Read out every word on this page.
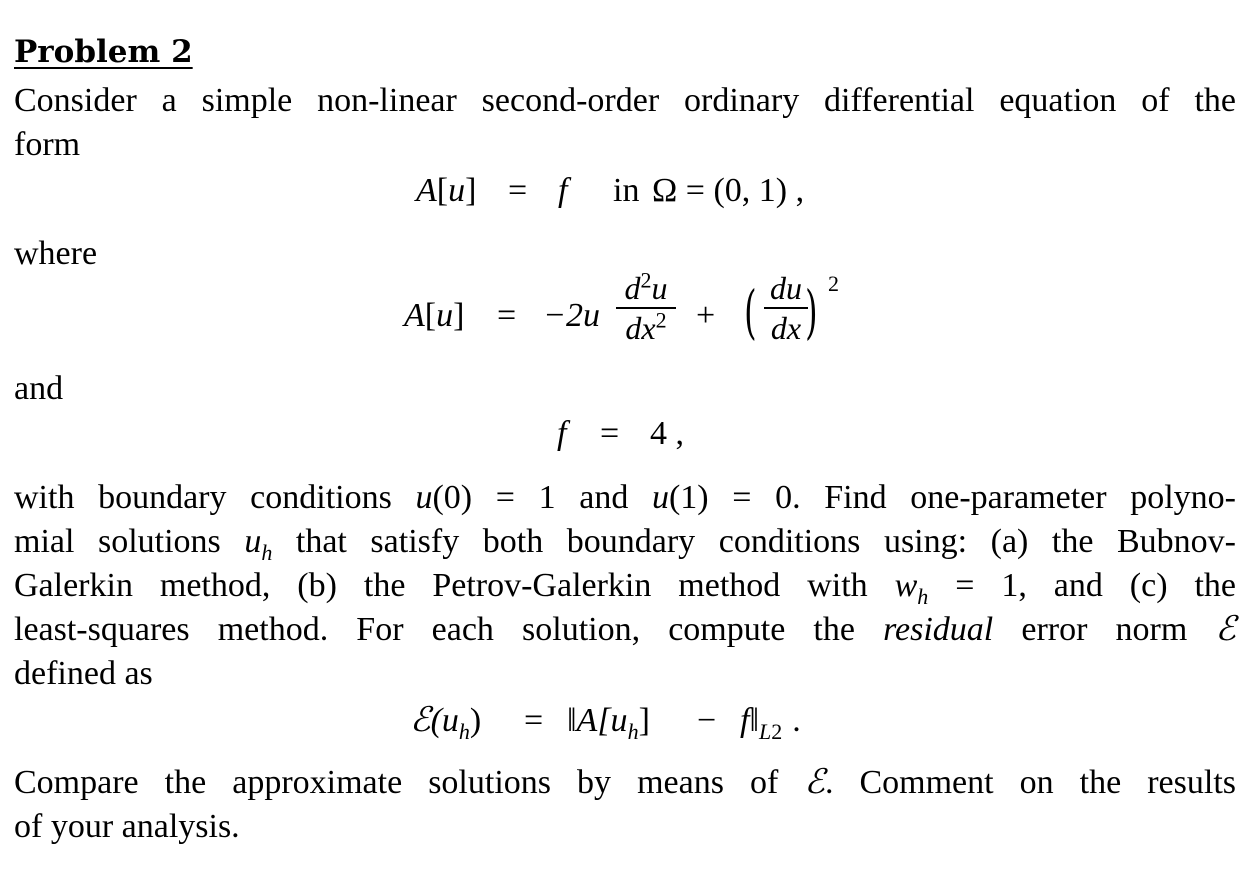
Problem 2
Consider a simple non-linear second-order ordinary differential equation of the
form
A[u] = f in Ω = (0, 1) ,
where
A[u] = −2u
$d^2u$
$dx^2$ + ( du
dx ) 2
and
f = 4 ,
with boundary conditions u(0) = 1 and u(1) = 0. Find one-parameter polyno-
mial solutions $u_h$ that satisfy both boundary conditions using: (a) the Bubnov-
Galerkin method, (b) the Petrov-Galerkin method with $w_h = 1$, and (c) the
least-squares method. For each solution, compute the residual error norm ℰ
defined as
$ℰ(u_h)$ = $‖A[u_h]$ − $f‖_{L2}$ .
Compare the approximate solutions by means of ℰ. Comment on the results
of your analysis.
